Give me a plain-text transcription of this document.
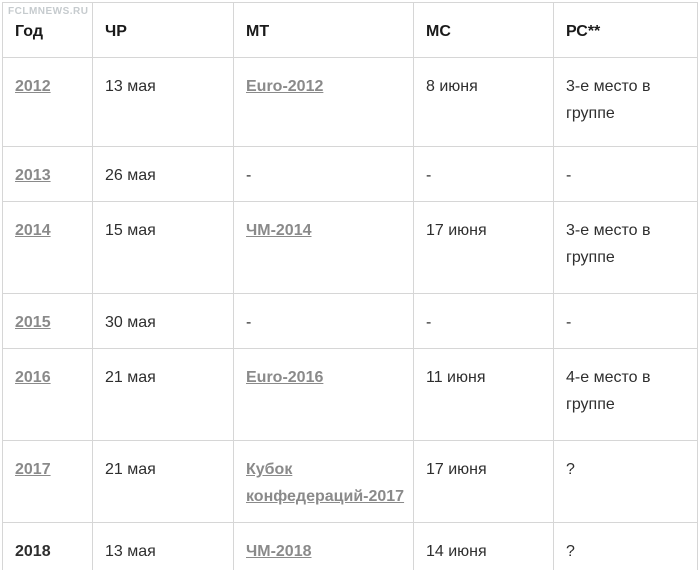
FCLMNEWS.RU
Год	ЧР	МТ	МС	РС**
2012	13 мая	Euro-2012	8 июня	3-е место в группе
2013	26 мая	-	-	-
2014	15 мая	ЧМ-2014	17 июня	3-е место в группе
2015	30 мая	-	-	-
2016	21 мая	Euro-2016	11 июня	4-е место в группе
2017	21 мая	Кубок конфедераций-2017	17 июня	?
2018	13 мая	ЧМ-2018	14 июня	?
